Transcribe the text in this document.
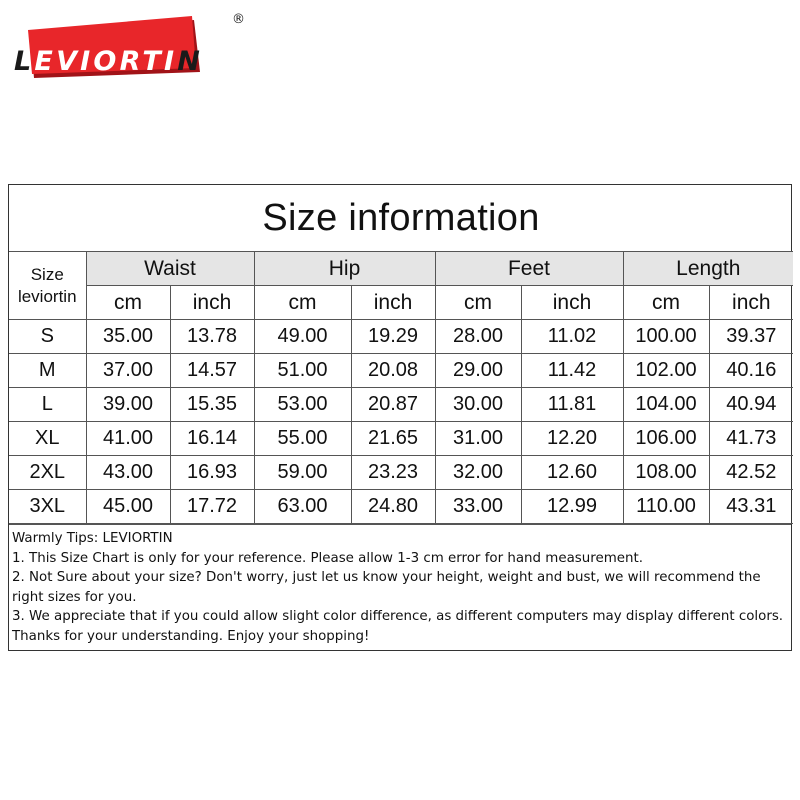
LEVIORTIN
®
Size information								

Size
leviortin	Waist		Hip		Feet		Length	
	cm	inch	cm	inch	cm	inch	cm	inch
S	35.00	13.78	49.00	19.29	28.00	11.02	100.00	39.37
M	37.00	14.57	51.00	20.08	29.00	11.42	102.00	40.16
L	39.00	15.35	53.00	20.87	30.00	11.81	104.00	40.94
XL	41.00	16.14	55.00	21.65	31.00	12.20	106.00	41.73
2XL	43.00	16.93	59.00	23.23	32.00	12.60	108.00	42.52
3XL	45.00	17.72	63.00	24.80	33.00	12.99	110.00	43.31
Warmly Tips: LEVIORTIN
1. This Size Chart is only for your reference. Please allow 1-3 cm error for hand measurement.
2. Not Sure about your size? Don't worry, just let us know your height, weight and bust, we will recommend the right sizes for you.
3. We appreciate that if you could allow slight color difference, as different computers may display different colors.
Thanks for your understanding. Enjoy your shopping!
